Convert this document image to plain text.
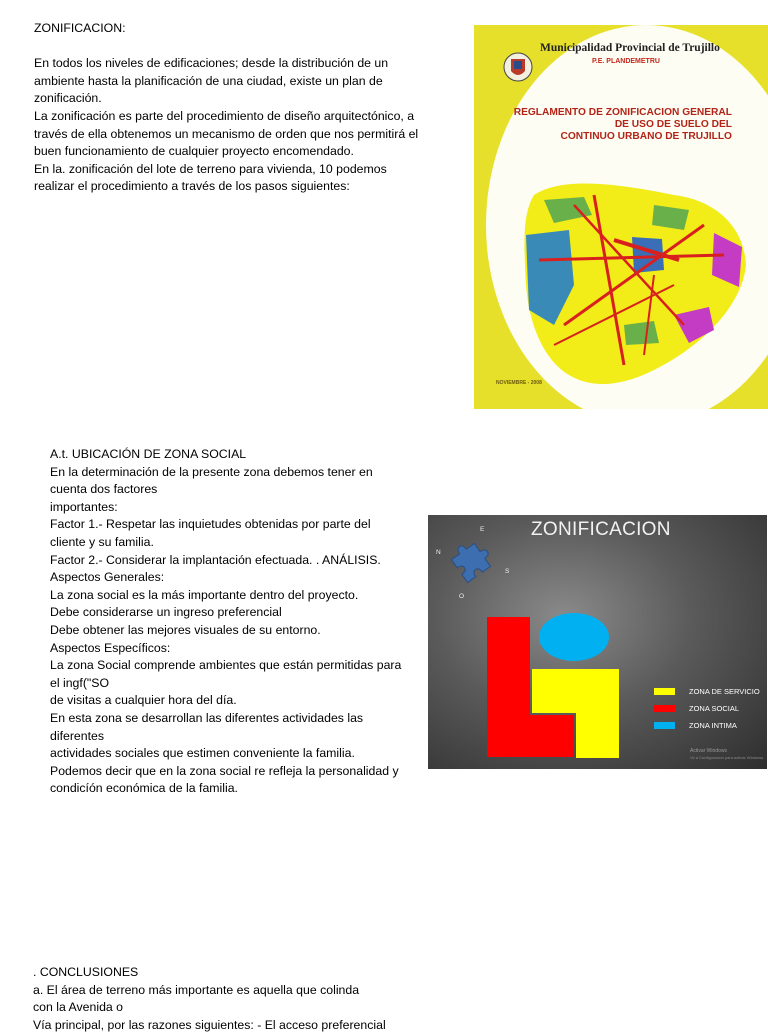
ZONIFICACION:
En todos los niveles de edificaciones; desde la distribución de un
ambiente hasta la planificación de una ciudad, existe un plan de
zonificación.
La zonificación es parte del procedimiento de diseño arquitectónico, a
través de ella obtenemos un mecanismo de orden que nos permitirá el
buen funcionamiento de cualquier proyecto encomendado.
En la. zonificación del lote de terreno para vivienda, 10 podemos
realizar el procedimiento a través de los pasos siguientes:
Municipalidad Provincial de Trujillo
P.E. PLANDEMETRU
REGLAMENTO DE ZONIFICACION GENERAL
DE USO DE SUELO DEL
CONTINUO URBANO DE TRUJILLO
NOVIEMBRE - 2008
A.t. UBICACIÓN DE ZONA SOCIAL
En la determinación de la presente zona debemos tener en
cuenta dos factores
importantes:
Factor 1.- Respetar las inquietudes obtenidas por parte del
cliente y su familia.
Factor 2.- Considerar la implantación efectuada. . ANÁLISIS.
Aspectos Generales:
La zona social es la más importante dentro del proyecto.
Debe considerarse un ingreso preferencial
Debe obtener las mejores visuales de su entorno.
Aspectos Específicos:
La zona Social comprende ambientes que están permitidas para
el ingf("SO
de visitas a cualquier hora del día.
En esta zona se desarrollan las diferentes actividades las
diferentes
actividades sociales que estimen conveniente la familia.
Podemos decir que en la zona social re refleja la personalidad y
condicíón económica de la familia.
ZONIFICACION
E
N
S
O
ZONA DE SERVICIO
ZONA SOCIAL
ZONA INTIMA
Activar Windows
Ve a Configuración para activar Windows.
. CONCLUSIONES
a. El área de terreno más importante es aquella que colinda
con la Avenida o
Vía principal, por las razones siguientes: - El acceso preferencial
